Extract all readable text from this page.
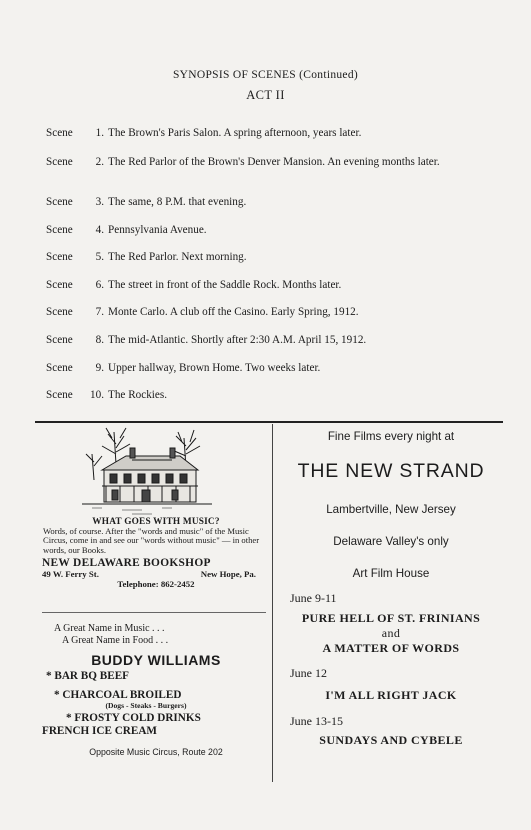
SYNOPSIS OF SCENES (Continued)
ACT II
Scene	1. The Brown's Paris Salon. A spring afternoon, years later.
Scene	2. The Red Parlor of the Brown's Denver Mansion. An evening months later.
Scene	3. The same, 8 P.M. that evening.
Scene	4. Pennsylvania Avenue.
Scene	5. The Red Parlor. Next morning.
Scene	6. The street in front of the Saddle Rock. Months later.
Scene	7. Monte Carlo. A club off the Casino. Early Spring, 1912.
Scene	8. The mid-Atlantic. Shortly after 2:30 A.M. April 15, 1912.
Scene	9. Upper hallway, Brown Home. Two weeks later.
Scene	10. The Rockies.
WHAT GOES WITH MUSIC?
Words, of course. After the "words and music" of the Music Circus, come in and see our "words without music" — in other words, our Books.
NEW DELAWARE BOOKSHOP
49 W. Ferry St.	New Hope, Pa.
Telephone: 862-2452
A Great Name in Music . . .
A Great Name in Food . . .
BUDDY WILLIAMS
* BAR BQ BEEF
* CHARCOAL BROILED
(Dogs - Steaks - Burgers)
* FROSTY COLD DRINKS
FRENCH ICE CREAM
Opposite Music Circus, Route 202
Fine Films every night at
THE NEW STRAND
Lambertville, New Jersey
Delaware Valley's only
Art Film House
June 9-11
PURE HELL OF ST. FRINIANS
and
A MATTER OF WORDS
June 12
I'M ALL RIGHT JACK
June 13-15
SUNDAYS AND CYBELE
